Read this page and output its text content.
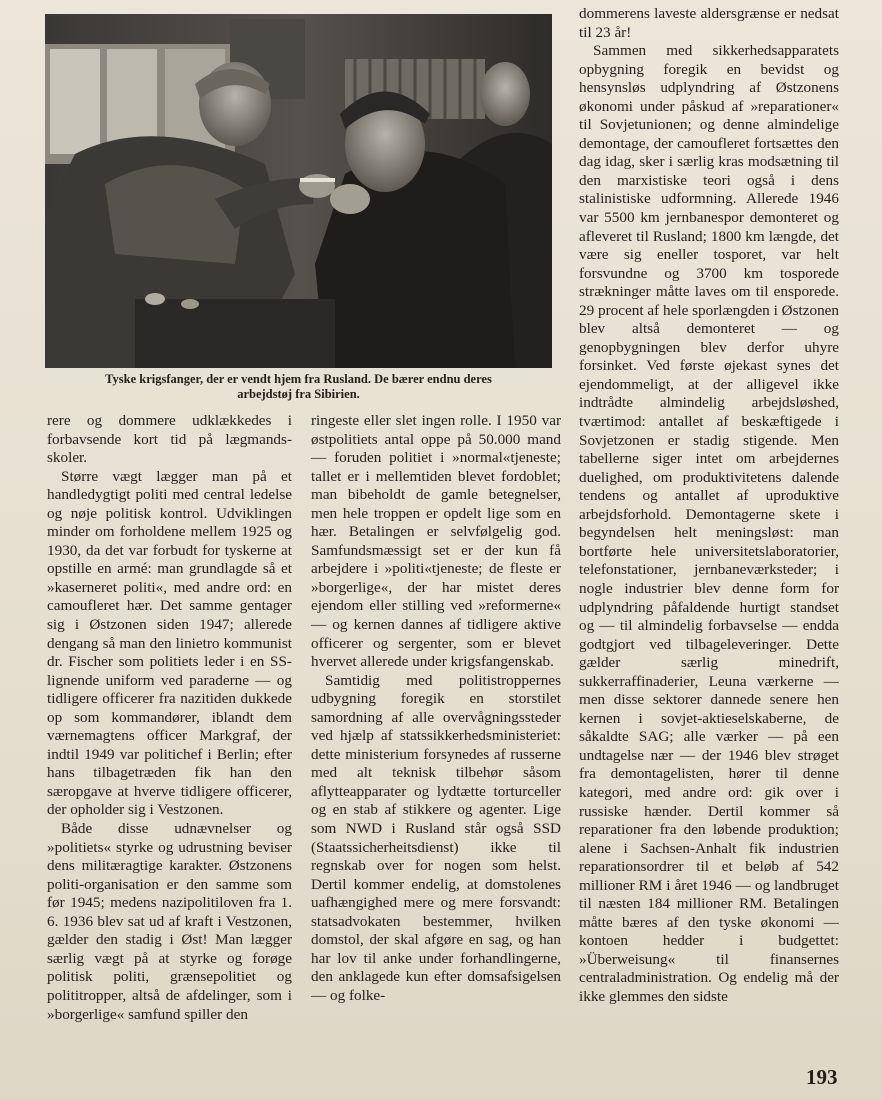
Tyske krigsfanger, der er vendt hjem fra Rusland. De bærer endnu deres
arbejdstøj fra Sibirien.

rere og dommere udklækkedes i forbavsende kort tid på lægmands-skoler.

Større vægt lægger man på et handledygtigt politi med central ledelse og nøje politisk kontrol. Udviklingen minder om forholdene mellem 1925 og 1930, da det var forbudt for tyskerne at opstille en armé: man grundlagde så et »kaserneret politi«, med andre ord: en camoufleret hær. Det samme gentager sig i Østzonen siden 1947; allerede dengang så man den linietro kommunist dr. Fischer som politiets leder i en SS-lignende uniform ved paraderne — og tidligere officerer fra nazitiden dukkede op som kommandører, iblandt dem værnemagtens officer Markgraf, der indtil 1949 var politichef i Berlin; efter hans tilbagetræden fik han den særopgave at hverve tidligere officerer, der opholder sig i Vestzonen.

Både disse udnævnelser og »politiets« styrke og udrustning beviser dens militæragtige karakter. Østzonens politi-organisation er den samme som før 1945; medens nazipolitiloven fra 1. 6. 1936 blev sat ud af kraft i Vestzonen, gælder den stadig i Øst! Man lægger særlig vægt på at styrke og forøge politisk politi, grænsepolitiet og polititropper, altså de afdelinger, som i »borgerlige« samfund spiller den

ringeste eller slet ingen rolle. I 1950 var østpolitiets antal oppe på 50.000 mand — foruden politiet i »normal«tjeneste; tallet er i mellemtiden blevet fordoblet; man bibeholdt de gamle betegnelser, men hele troppen er opdelt lige som en hær. Betalingen er selvfølgelig god. Samfundsmæssigt set er der kun få arbejdere i »politi«tjeneste; de fleste er »borgerlige«, der har mistet deres ejendom eller stilling ved »reformerne« — og kernen dannes af tidligere aktive officerer og sergenter, som er blevet hvervet allerede under krigsfangenskab.

Samtidig med politistroppernes udbygning foregik en storstilet samordning af alle overvågningssteder ved hjælp af statssikkerhedsministeriet: dette ministerium forsynedes af russerne med alt teknisk tilbehør såsom aflytteapparater og lydtætte torturceller og en stab af stikkere og agenter. Lige som NWD i Rusland står også SSD (Staatssicherheitsdienst) ikke til regnskab over for nogen som helst. Dertil kommer endelig, at domstolenes uafhængighed mere og mere forsvandt: statsadvokaten bestemmer, hvilken domstol, der skal afgøre en sag, og han har lov til anke under forhandlingerne, den anklagede kun efter domsafsigelsen — og folke-

dommerens laveste aldersgrænse er nedsat til 23 år!

Sammen med sikkerhedsapparatets opbygning foregik en bevidst og hensynsløs udplyndring af Østzonens økonomi under påskud af »reparationer« til Sovjetunionen; og denne almindelige demontage, der camoufleret fortsættes den dag idag, sker i særlig kras modsætning til den marxistiske teori også i dens stalinistiske udformning. Allerede 1946 var 5500 km jernbanespor demonteret og afleveret til Rusland; 1800 km længde, det være sig eneller tosporet, var helt forsvundne og 3700 km tosporede strækninger måtte laves om til ensporede. 29 procent af hele sporlængden i Østzonen blev altså demonteret — og genopbygningen blev derfor uhyre forsinket. Ved første øjekast synes det ejendommeligt, at der alligevel ikke indtrådte almindelig arbejdsløshed, tværtimod: antallet af beskæftigede i Sovjetzonen er stadig stigende. Men tabellerne siger intet om arbejdernes duelighed, om produktivitetens dalende tendens og antallet af uproduktive arbejdsforhold. Demontagerne skete i begyndelsen helt meningsløst: man bortførte hele universitetslaboratorier, telefonstationer, jernbaneværksteder; i nogle industrier blev denne form for udplyndring påfaldende hurtigt standset og — til almindelig forbavselse — endda godtgjort ved tilbageleveringer. Dette gælder særlig minedrift, sukkerraffinaderier, Leuna værkerne — men disse sektorer dannede senere hen kernen i sovjet-aktieselskaberne, de såkaldte SAG; alle værker — på een undtagelse nær — der 1946 blev strøget fra demontagelisten, hører til denne kategori, med andre ord: gik over i russiske hænder. Dertil kommer så reparationer fra den løbende produktion; alene i Sachsen-Anhalt fik industrien reparationsordrer til et beløb af 542 millioner RM i året 1946 — og landbruget til næsten 184 millioner RM. Betalingen måtte bæres af den tyske økonomi — kontoen hedder i budgettet: »Überweisung« til finansernes centraladministration. Og endelig må der ikke glemmes den sidste

193
